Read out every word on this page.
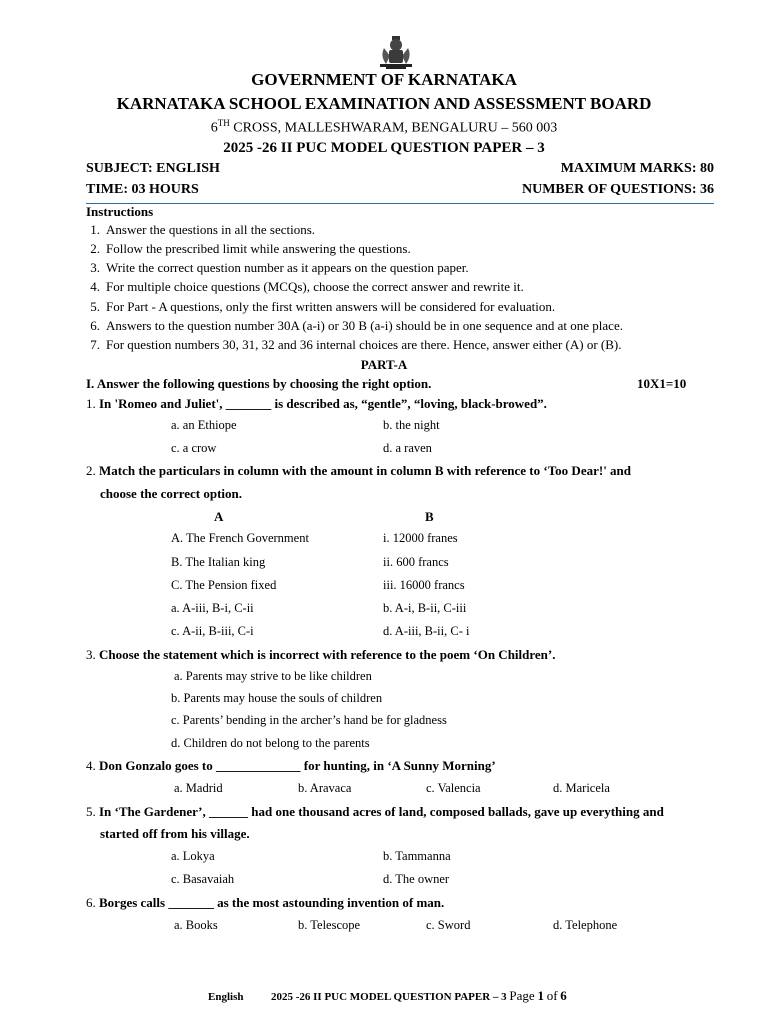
GOVERNMENT OF KARNATAKA
KARNATAKA SCHOOL EXAMINATION AND ASSESSMENT BOARD
6TH CROSS, MALLESHWARAM, BENGALURU – 560 003
2025 -26 II PUC MODEL QUESTION PAPER – 3
SUBJECT: ENGLISH	MAXIMUM MARKS: 80
TIME: 03 HOURS	NUMBER OF QUESTIONS: 36
Instructions
1. Answer the questions in all the sections.
2. Follow the prescribed limit while answering the questions.
3. Write the correct question number as it appears on the question paper.
4. For multiple choice questions (MCQs), choose the correct answer and rewrite it.
5. For Part - A questions, only the first written answers will be considered for evaluation.
6. Answers to the question number 30A (a-i) or 30 B (a-i) should be in one sequence and at one place.
7. For question numbers 30, 31, 32 and 36 internal choices are there. Hence, answer either (A) or (B).
PART-A
I. Answer the following questions by choosing the right option.	10X1=10
1. In 'Romeo and Juliet', _______ is described as, “gentle”, “loving, black-browed”.
a. an Ethiope	b. the night
c. a crow	d. a raven
2. Match the particulars in column with the amount in column B with reference to ‘Too Dear!' and
choose the correct option.
A	B
A. The French Government	i. 12000 franes
B. The Italian king	ii. 600 francs
C. The Pension fixed	iii. 16000 francs
a. A-iii, B-i, C-ii	b. A-i, B-ii, C-iii
c. A-ii, B-iii, C-i	d. A-iii, B-ii, C- i
3. Choose the statement which is incorrect with reference to the poem ‘On Children’.
a. Parents may strive to be like children
b. Parents may house the souls of children
c. Parents’ bending in the archer’s hand be for gladness
d. Children do not belong to the parents
4. Don Gonzalo goes to _____________ for hunting, in ‘A Sunny Morning’
a. Madrid	b. Aravaca	c. Valencia	d. Maricela
5. In ‘The Gardener’, ______ had one thousand acres of land, composed ballads, gave up everything and
started off from his village.
a. Lokya	b. Tammanna
c. Basavaiah	d. The owner
6. Borges calls _______ as the most astounding invention of man.
a. Books	b. Telescope	c. Sword	d. Telephone
English	2025 -26 II PUC MODEL QUESTION PAPER – 3 Page 1 of 6
